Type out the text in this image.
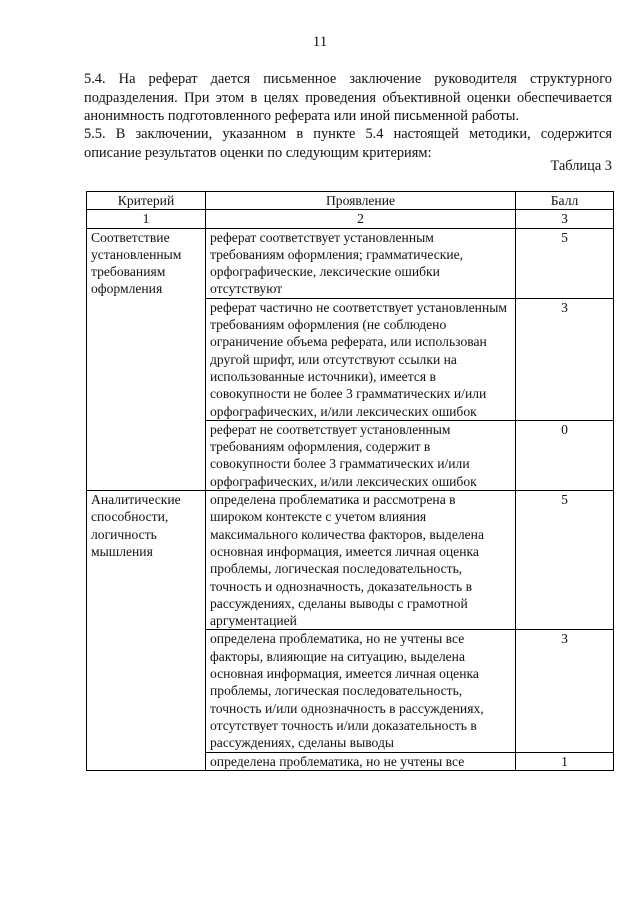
11

5.4. На реферат дается письменное заключение руководителя структурного подразделения. При этом в целях проведения объективной оценки обеспечивается анонимность подготовленного реферата или иной письменной работы.

5.5. В заключении, указанном в пункте 5.4 настоящей методики, содержится описание результатов оценки по следующим критериям:

Таблица 3
Критерий	Проявление	Балл
1	2	3
Соответствие установленным требованиям оформления	реферат соответствует установленным требованиям оформления; грамматические, орфографические, лексические ошибки отсутствуют	5
	реферат частично не соответствует установленным требованиям оформления (не соблюдено ограничение объема реферата, или использован другой шрифт, или отсутствуют ссылки на использованные источники), имеется в совокупности не более 3 грамматических и/или орфографических, и/или лексических ошибок	3
	реферат не соответствует установленным требованиям оформления, содержит в совокупности более 3 грамматических и/или орфографических, и/или лексических ошибок	0
Аналитические способности, логичность мышления	определена проблематика и рассмотрена в широком контексте с учетом влияния максимального количества факторов, выделена основная информация, имеется личная оценка проблемы, логическая последовательность, точность и однозначность, доказательность в рассуждениях, сделаны выводы с грамотной аргументацией	5
	определена проблематика, но не учтены все факторы, влияющие на ситуацию, выделена основная информация, имеется личная оценка проблемы, логическая последовательность, точность и/или однозначность в рассуждениях, отсутствует точность и/или доказательность в рассуждениях, сделаны выводы	3
	определена проблематика, но не учтены все	1
